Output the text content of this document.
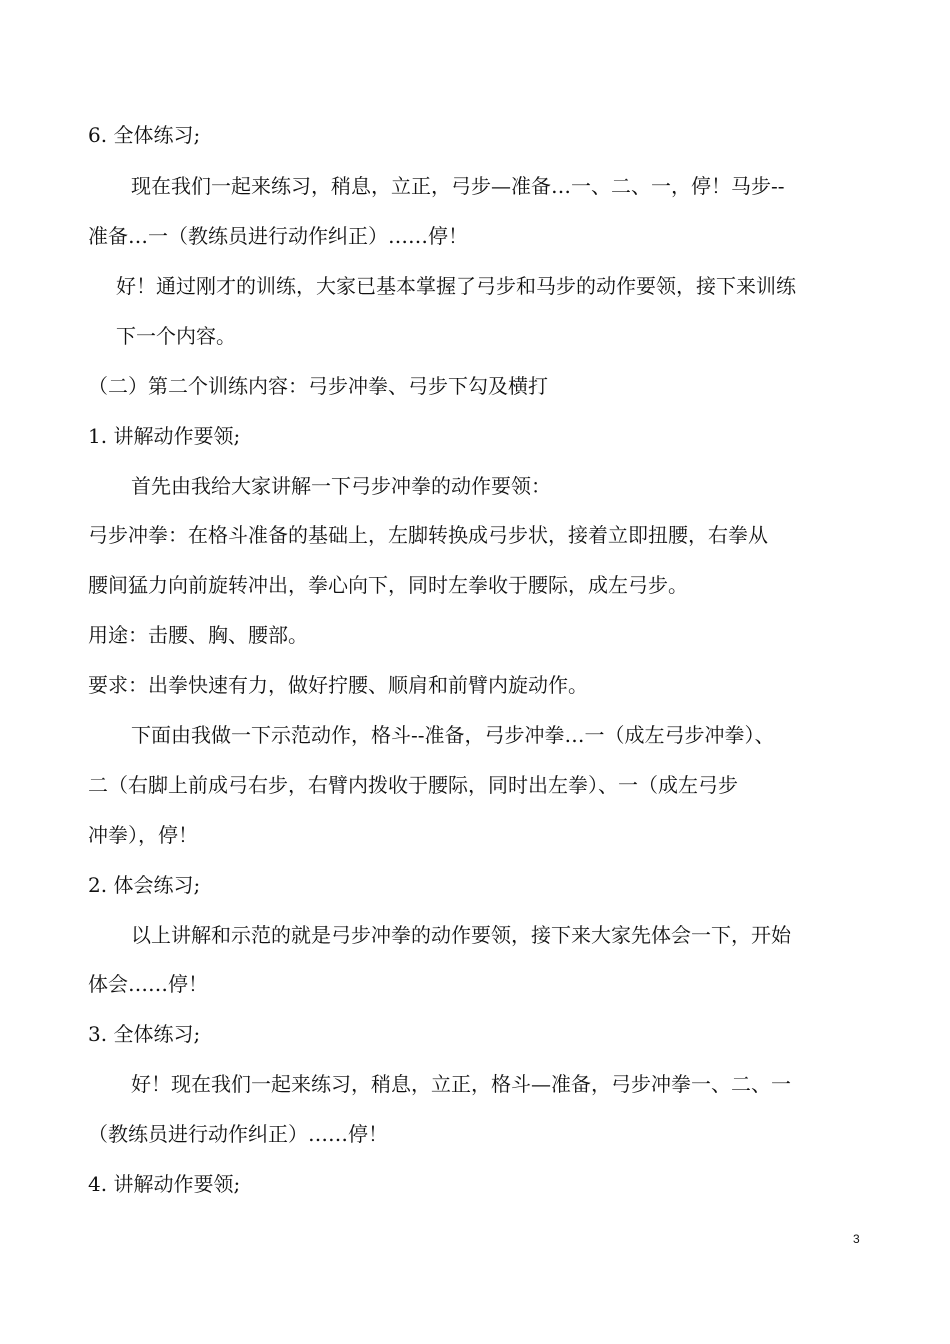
6. 全体练习;
现在我们一起来练习，稍息，立正，弓步—准备…一、二、一，停！马步--
准备…一（教练员进行动作纠正）……停！
好！通过刚才的训练，大家已基本掌握了弓步和马步的动作要领，接下来训练
下一个内容。
（二）第二个训练内容：弓步冲拳、弓步下勾及横打
1. 讲解动作要领;
首先由我给大家讲解一下弓步冲拳的动作要领：
弓步冲拳：在格斗准备的基础上，左脚转换成弓步状，接着立即扭腰，右拳从
腰间猛力向前旋转冲出，拳心向下，同时左拳收于腰际，成左弓步。
用途：击腰、胸、腰部。
要求：出拳快速有力，做好拧腰、顺肩和前臂内旋动作。
下面由我做一下示范动作，格斗--准备，弓步冲拳…一（成左弓步冲拳）、
二（右脚上前成弓右步，右臂内拨收于腰际，同时出左拳）、一（成左弓步
冲拳），停！
2. 体会练习;
以上讲解和示范的就是弓步冲拳的动作要领，接下来大家先体会一下，开始
体会……停！
3. 全体练习;
好！现在我们一起来练习，稍息，立正，格斗—准备，弓步冲拳一、二、一
（教练员进行动作纠正）……停！
4. 讲解动作要领;
3
